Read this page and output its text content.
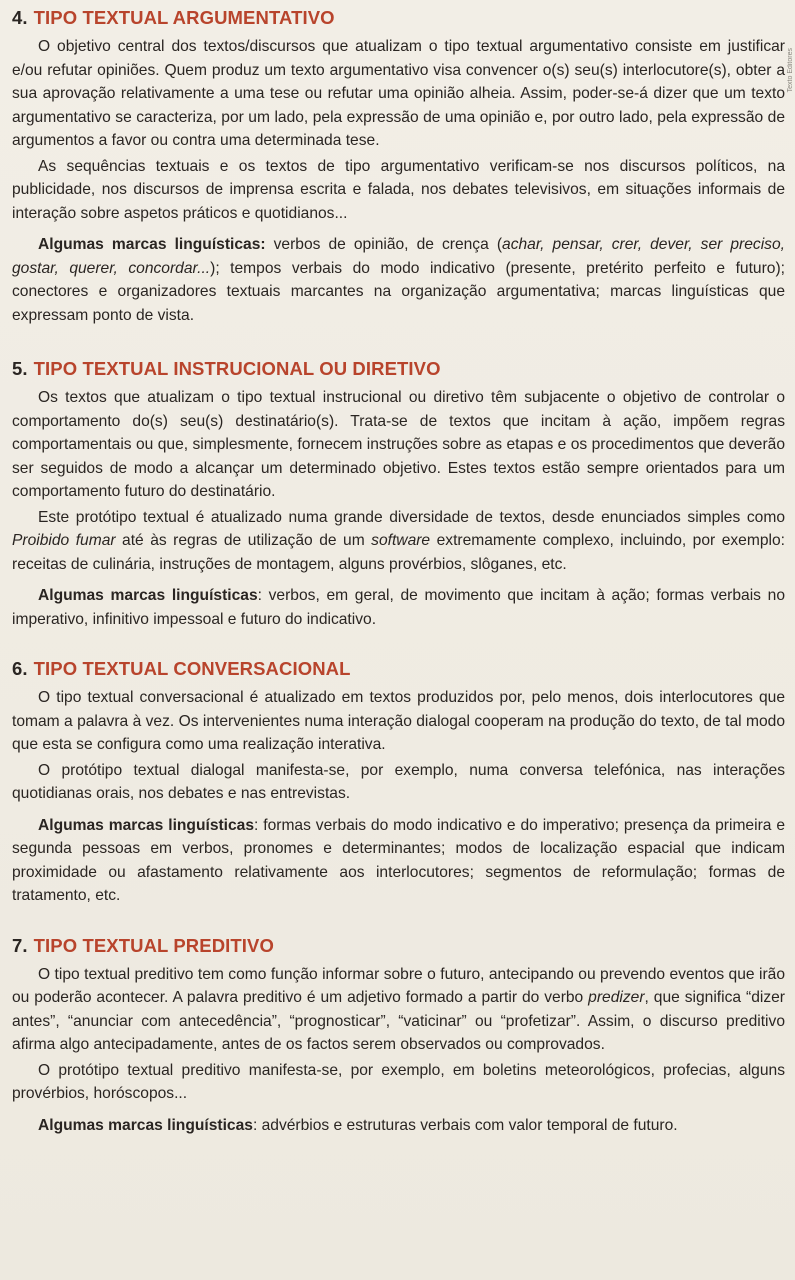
Texto Editores
4. TIPO TEXTUAL ARGUMENTATIVO

O objetivo central dos textos/discursos que atualizam o tipo textual argumentativo consiste em justificar e/ou refutar opiniões. Quem produz um texto argumentativo visa convencer o(s) seu(s) interlocutore(s), obter a sua aprovação relativamente a uma tese ou refutar uma opinião alheia. Assim, poder-se-á dizer que um texto argumentativo se caracteriza, por um lado, pela expressão de uma opinião e, por outro lado, pela expressão de argumentos a favor ou contra uma determinada tese.

As sequências textuais e os textos de tipo argumentativo verificam-se nos discursos políticos, na publicidade, nos discursos de imprensa escrita e falada, nos debates televisivos, em situações informais de interação sobre aspetos práticos e quotidianos...

Algumas marcas linguísticas: verbos de opinião, de crença (achar, pensar, crer, dever, ser preciso, gostar, querer, concordar...); tempos verbais do modo indicativo (presente, pretérito perfeito e futuro); conectores e organizadores textuais marcantes na organização argumentativa; marcas linguísticas que expressam ponto de vista.

5. TIPO TEXTUAL INSTRUCIONAL OU DIRETIVO

Os textos que atualizam o tipo textual instrucional ou diretivo têm subjacente o objetivo de controlar o comportamento do(s) seu(s) destinatário(s). Trata-se de textos que incitam à ação, impõem regras comportamentais ou que, simplesmente, fornecem instruções sobre as etapas e os procedimentos que deverão ser seguidos de modo a alcançar um determinado objetivo. Estes textos estão sempre orientados para um comportamento futuro do destinatário.

Este protótipo textual é atualizado numa grande diversidade de textos, desde enunciados simples como Proibido fumar até às regras de utilização de um software extremamente complexo, incluindo, por exemplo: receitas de culinária, instruções de montagem, alguns provérbios, slôganes, etc.

Algumas marcas linguísticas: verbos, em geral, de movimento que incitam à ação; formas verbais no imperativo, infinitivo impessoal e futuro do indicativo.

6. TIPO TEXTUAL CONVERSACIONAL

O tipo textual conversacional é atualizado em textos produzidos por, pelo menos, dois interlocutores que tomam a palavra à vez. Os intervenientes numa interação dialogal cooperam na produção do texto, de tal modo que esta se configura como uma realização interativa.

O protótipo textual dialogal manifesta-se, por exemplo, numa conversa telefónica, nas interações quotidianas orais, nos debates e nas entrevistas.

Algumas marcas linguísticas: formas verbais do modo indicativo e do imperativo; presença da primeira e segunda pessoas em verbos, pronomes e determinantes; modos de localização espacial que indicam proximidade ou afastamento relativamente aos interlocutores; segmentos de reformulação; formas de tratamento, etc.

7. TIPO TEXTUAL PREDITIVO

O tipo textual preditivo tem como função informar sobre o futuro, antecipando ou prevendo eventos que irão ou poderão acontecer. A palavra preditivo é um adjetivo formado a partir do verbo predizer, que significa “dizer antes”, “anunciar com antecedência”, “prognosticar”, “vaticinar” ou “profetizar”. Assim, o discurso preditivo afirma algo antecipadamente, antes de os factos serem observados ou comprovados.

O protótipo textual preditivo manifesta-se, por exemplo, em boletins meteorológicos, profecias, alguns provérbios, horóscopos...

Algumas marcas linguísticas: advérbios e estruturas verbais com valor temporal de futuro.
